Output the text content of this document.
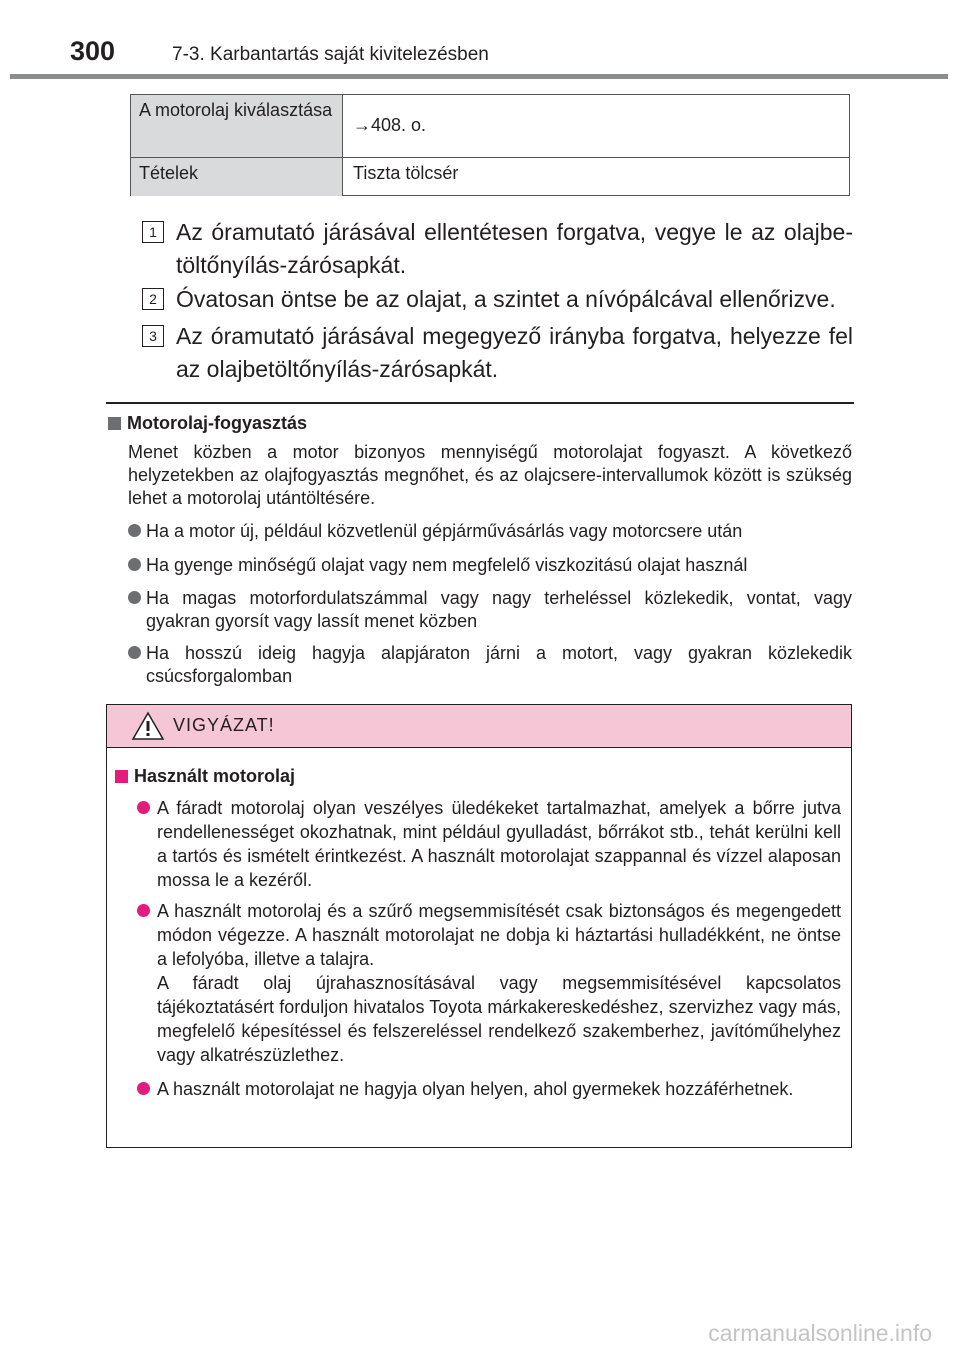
300	7-3. Karbantartás saját kivitelezésben
A motorolaj kiválasztása
→408. o.
Tételek	Tiszta tölcsér
1 Az óramutató járásával ellentétesen forgatva, vegye le az olajbetöltőnyílás-zárósapkát.
2 Óvatosan öntse be az olajat, a szintet a nívópálcával ellenőrizve.
3 Az óramutató járásával megegyező irányba forgatva, helyezze fel az olajbetöltőnyílás-zárósapkát.
Motorolaj-fogyasztás
Menet közben a motor bizonyos mennyiségű motorolajat fogyaszt. A következő helyzetekben az olajfogyasztás megnőhet, és az olajcsere-intervallumok között is szükség lehet a motorolaj utántöltésére.
Ha a motor új, például közvetlenül gépjárművásárlás vagy motorcsere után
Ha gyenge minőségű olajat vagy nem megfelelő viszkozitású olajat használ
Ha magas motorfordulatszámmal vagy nagy terheléssel közlekedik, vontat, vagy gyakran gyorsít vagy lassít menet közben
Ha hosszú ideig hagyja alapjáraton járni a motort, vagy gyakran közlekedik csúcsforgalomban
VIGYÁZAT!
Használt motorolaj
A fáradt motorolaj olyan veszélyes üledékeket tartalmazhat, amelyek a bőrre jutva rendellenességet okozhatnak, mint például gyulladást, bőrrákot stb., tehát kerülni kell a tartós és ismételt érintkezést. A használt motorolajat szappannal és vízzel alaposan mossa le a kezéről.
A használt motorolaj és a szűrő megsemmisítését csak biztonságos és megengedett módon végezze. A használt motorolajat ne dobja ki háztartási hulladékként, ne öntse a lefolyóba, illetve a talajra.
A fáradt olaj újrahasznosításával vagy megsemmisítésével kapcsolatos tájékoztatásért forduljon hivatalos Toyota márkakereskedéshez, szervizhez vagy más, megfelelő képesítéssel és felszereléssel rendelkező szakemberhez, javítóműhelyhez vagy alkatrészüzlethez.
A használt motorolajat ne hagyja olyan helyen, ahol gyermekek hozzáférhetnek.
carmanualsonline.info
